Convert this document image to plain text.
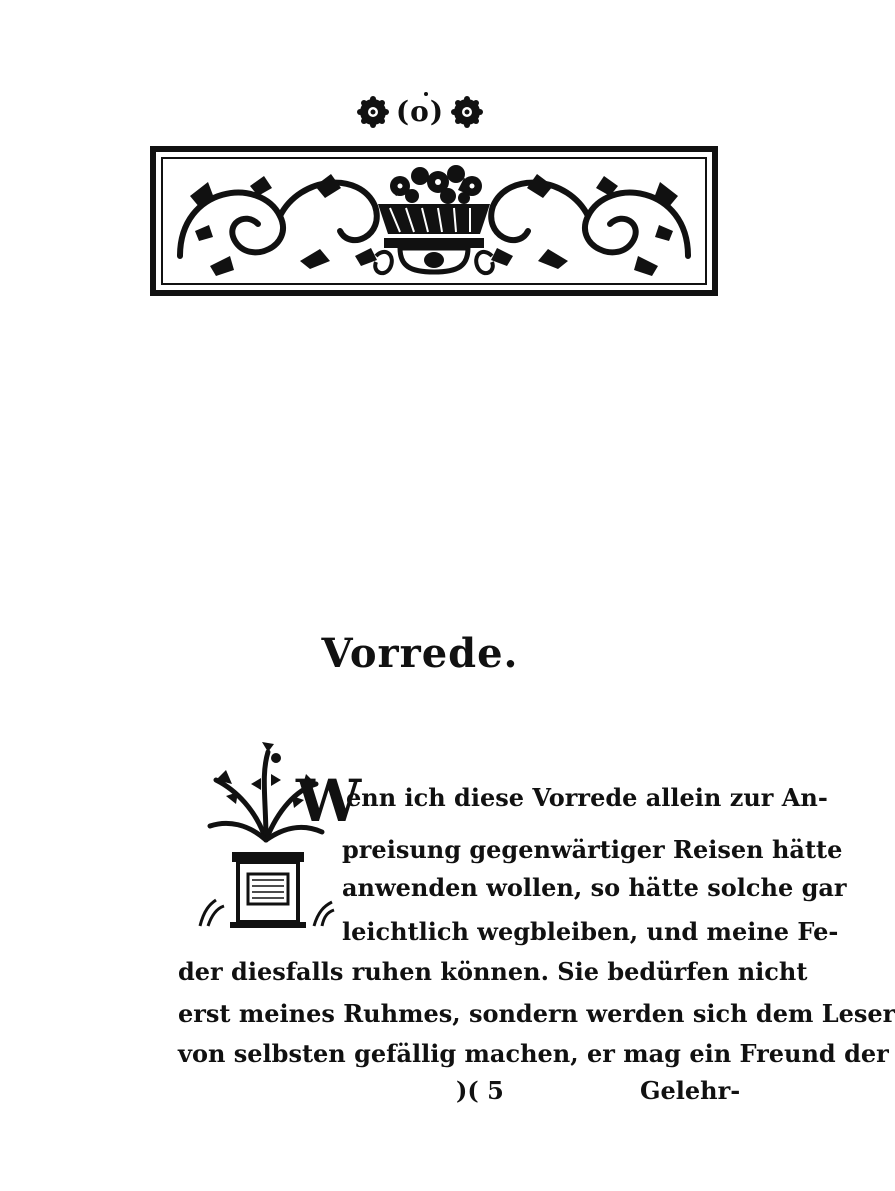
(o)
Vorrede.
W
enn ich diese Vorrede allein zur An-
preisung gegenwärtiger Reisen hätte
anwenden wollen, so hätte solche gar
leichtlich wegbleiben, und meine Fe-
der diesfalls ruhen können. Sie bedürfen nicht
erst meines Ruhmes, sondern werden sich dem Leser
von selbsten gefällig machen, er mag ein Freund der
)( 5	Gelehr-
